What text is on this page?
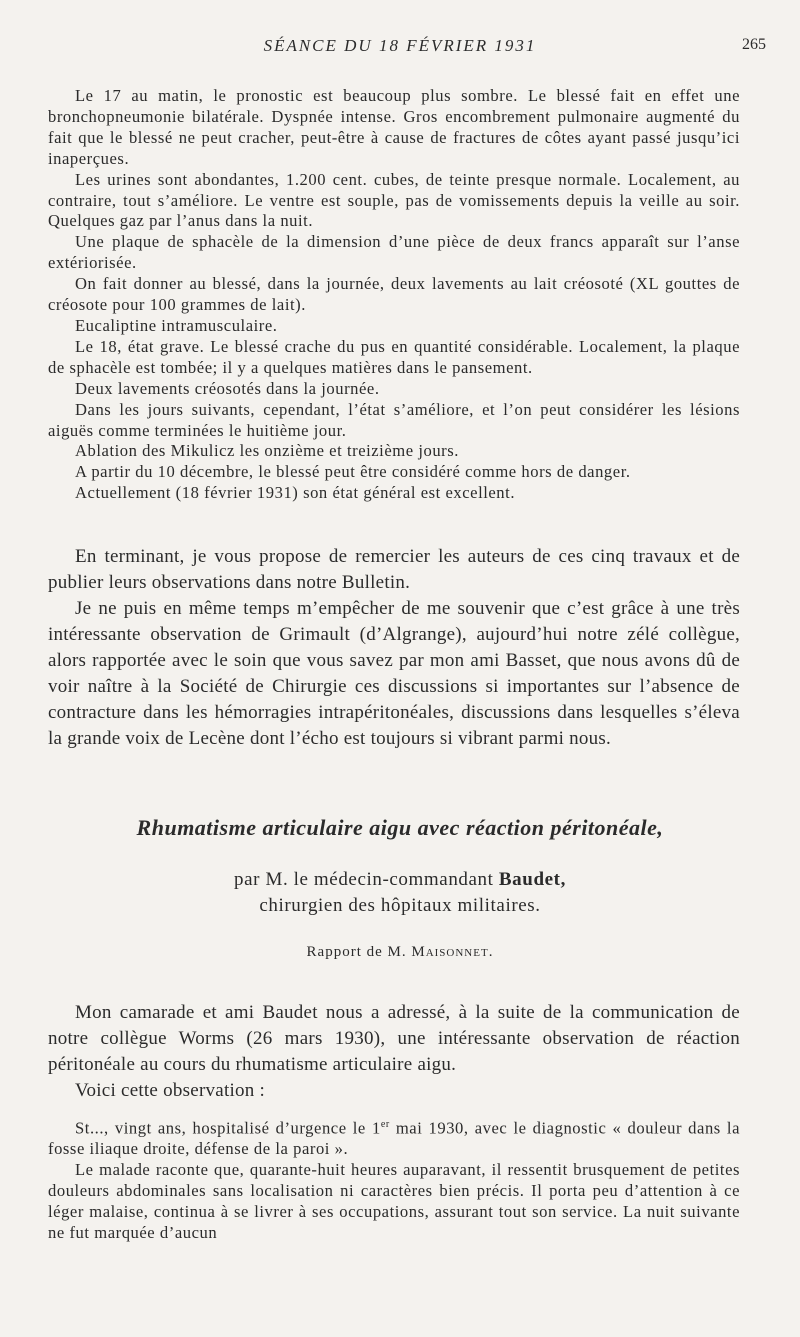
SÉANCE DU 18 FÉVRIER 1931	265

Le 17 au matin, le pronostic est beaucoup plus sombre. Le blessé fait en effet une bronchopneumonie bilatérale. Dyspnée intense. Gros encombrement pulmonaire augmenté du fait que le blessé ne peut cracher, peut-être à cause de fractures de côtes ayant passé jusqu’ici inaperçues.

Les urines sont abondantes, 1.200 cent. cubes, de teinte presque normale. Localement, au contraire, tout s’améliore. Le ventre est souple, pas de vomissements depuis la veille au soir. Quelques gaz par l’anus dans la nuit.

Une plaque de sphacèle de la dimension d’une pièce de deux francs apparaît sur l’anse extériorisée.

On fait donner au blessé, dans la journée, deux lavements au lait créosoté (XL gouttes de créosote pour 100 grammes de lait).

Eucaliptine intramusculaire.

Le 18, état grave. Le blessé crache du pus en quantité considérable. Localement, la plaque de sphacèle est tombée; il y a quelques matières dans le pansement.

Deux lavements créosotés dans la journée.

Dans les jours suivants, cependant, l’état s’améliore, et l’on peut considérer les lésions aiguës comme terminées le huitième jour.

Ablation des Mikulicz les onzième et treizième jours.

A partir du 10 décembre, le blessé peut être considéré comme hors de danger.

Actuellement (18 février 1931) son état général est excellent.

En terminant, je vous propose de remercier les auteurs de ces cinq travaux et de publier leurs observations dans notre Bulletin.

Je ne puis en même temps m’empêcher de me souvenir que c’est grâce à une très intéressante observation de Grimault (d’Algrange), aujourd’hui notre zélé collègue, alors rapportée avec le soin que vous savez par mon ami Basset, que nous avons dû de voir naître à la Société de Chirurgie ces discussions si importantes sur l’absence de contracture dans les hémorragies intrapéritonéales, discussions dans lesquelles s’éleva la grande voix de Lecène dont l’écho est toujours si vibrant parmi nous.

Rhumatisme articulaire aigu avec réaction péritonéale,
par M. le médecin-commandant Baudet,
chirurgien des hôpitaux militaires.
Rapport de M. Maisonnet.

Mon camarade et ami Baudet nous a adressé, à la suite de la communication de notre collègue Worms (26 mars 1930), une intéressante observation de réaction péritonéale au cours du rhumatisme articulaire aigu.

Voici cette observation :

St..., vingt ans, hospitalisé d’urgence le 1er mai 1930, avec le diagnostic « douleur dans la fosse iliaque droite, défense de la paroi ».

Le malade raconte que, quarante-huit heures auparavant, il ressentit brusquement de petites douleurs abdominales sans localisation ni caractères bien précis. Il porta peu d’attention à ce léger malaise, continua à se livrer à ses occupations, assurant tout son service. La nuit suivante ne fut marquée d’aucun
